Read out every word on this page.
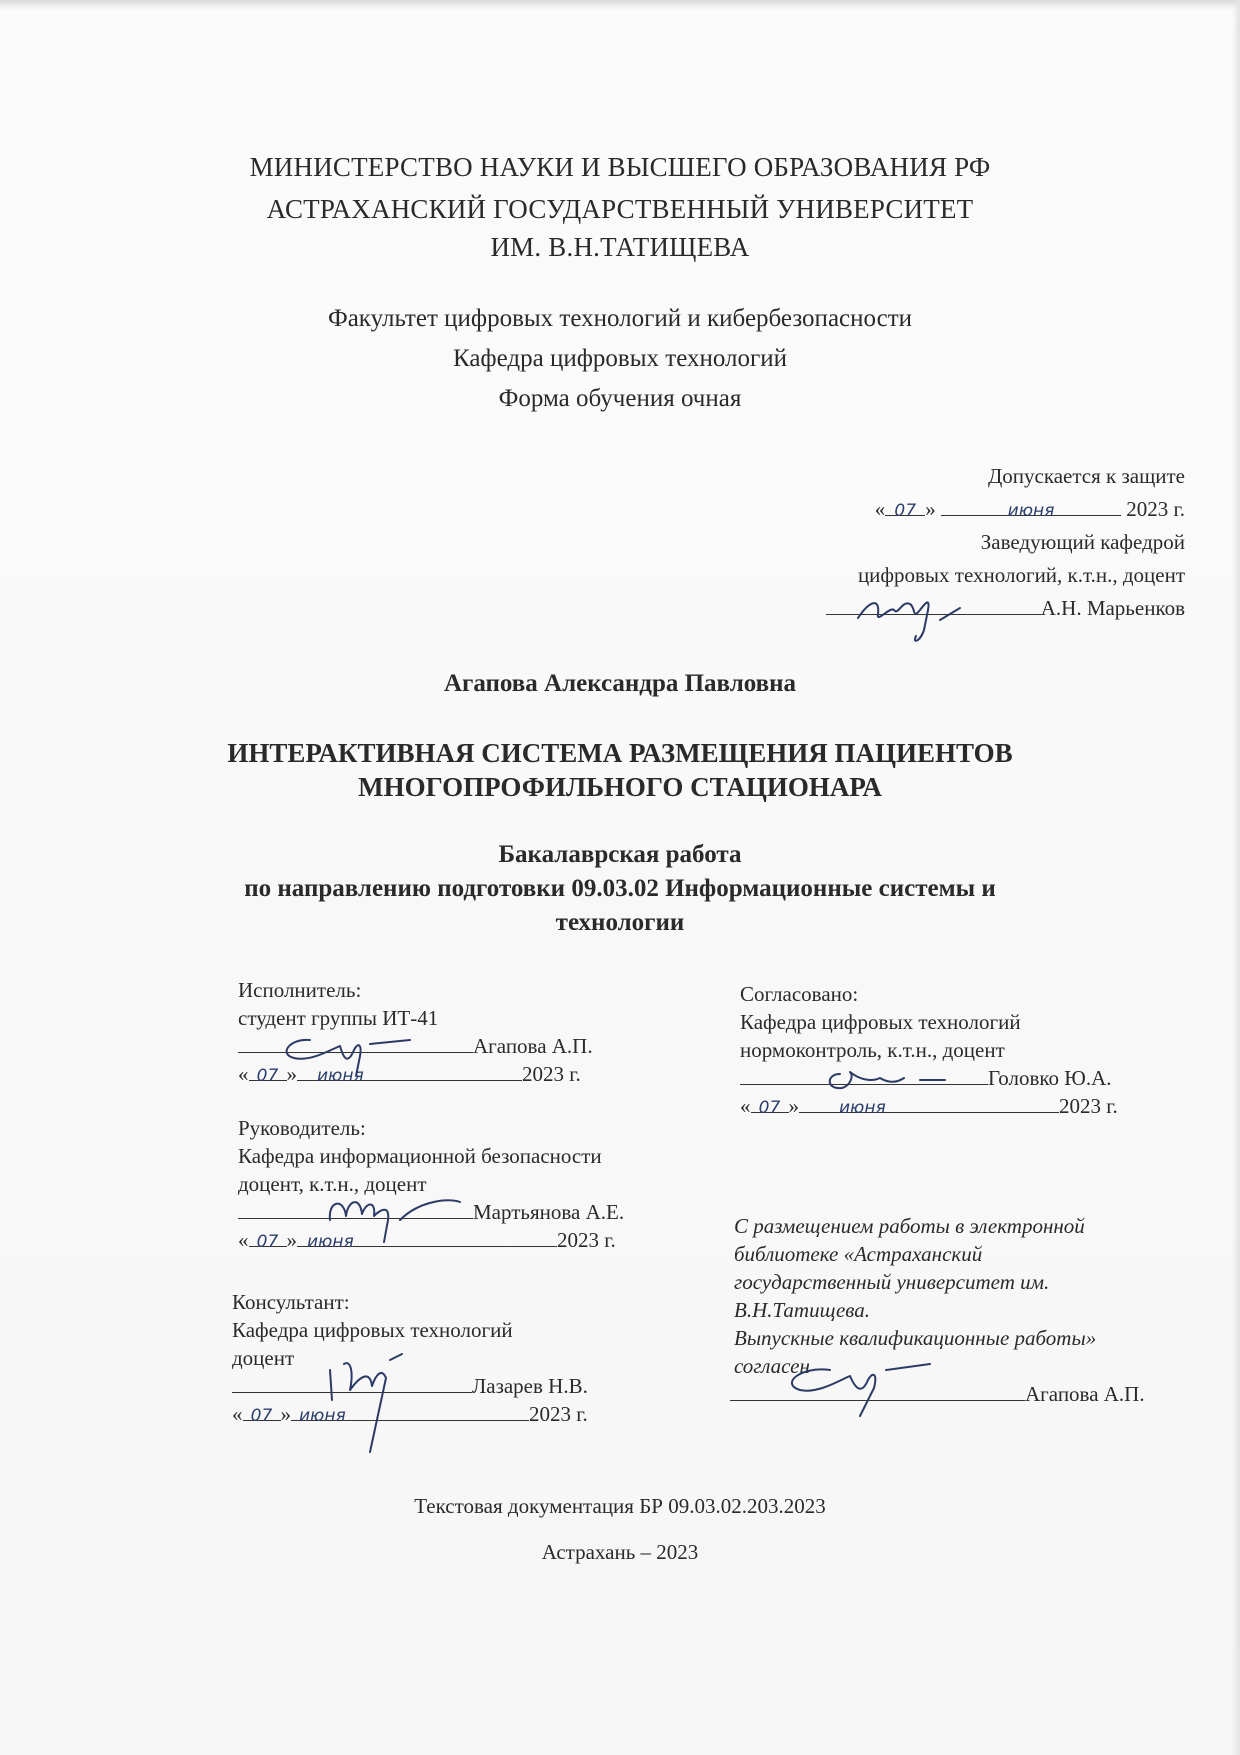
МИНИСТЕРСТВО НАУКИ И ВЫСШЕГО ОБРАЗОВАНИЯ РФ
АСТРАХАНСКИЙ ГОСУДАРСТВЕННЫЙ УНИВЕРСИТЕТ
ИМ. В.Н.ТАТИЩЕВА
Факультет цифровых технологий и кибербезопасности
Кафедра цифровых технологий
Форма обучения очная
Допускается к защите
« 07 »	июня	2023 г.
Заведующий кафедрой
цифровых технологий, к.т.н., доцент
А.Н. Марьенков
Агапова Александра Павловна
ИНТЕРАКТИВНАЯ СИСТЕМА РАЗМЕЩЕНИЯ ПАЦИЕНТОВ
МНОГОПРОФИЛЬНОГО СТАЦИОНАРА
Бакалаврская работа
по направлению подготовки 09.03.02 Информационные системы и
технологии
Исполнитель:
студент группы ИТ-41
Агапова А.П.
« 07 » июня	2023 г.
Руководитель:
Кафедра информационной безопасности
доцент, к.т.н., доцент
Мартьянова А.Е.
« 07 » июня	2023 г.
Консультант:
Кафедра цифровых технологий
доцент
Лазарев Н.В.
« 07 » июня	2023 г.
Согласовано:
Кафедра цифровых технологий
нормоконтроль, к.т.н., доцент
Головко Ю.А.
« 07 » июня	2023 г.
С размещением работы в электронной
библиотеке «Астраханский
государственный университет им.
В.Н.Татищева.
Выпускные квалификационные работы»
согласен
Агапова А.П.
Текстовая документация БР 09.03.02.203.2023
Астрахань – 2023
